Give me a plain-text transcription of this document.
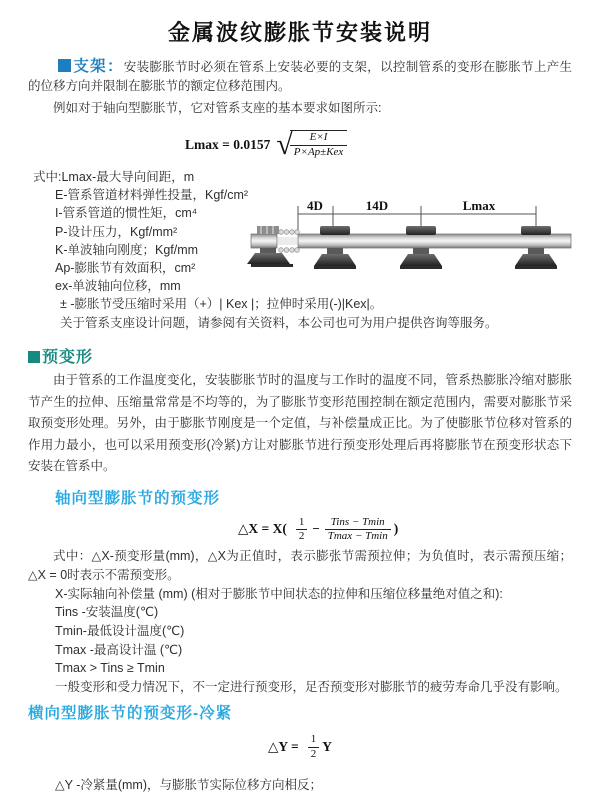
金属波纹膨胀节安装说明

支架：安装膨胀节时必须在管系上安装必要的支架，以控制管系的变形在膨胀节上产生的位移方向并限制在膨胀节的额定位移范围内。

例如对于轴向型膨胀节，它对管系支座的基本要求如图所示:

Lmax = 0.0157 √
$\frac{E\times I}{\text{P×Ap±Kex}}$
式中:Lmax-最大导向间距，m
E-管系管道材料弹性投量，Kgf/cm²
I-管系管道的惯性矩，cm⁴
P-设计压力，Kgf/mm²
K-单波轴向刚度；Kgf/mm
Ap-膨胀节有效面积，cm²
ex-单波轴向位移，mm
± -膨胀节受压缩时采用（+）| Kex |；拉伸时采用(-)|Kex|。
关于管系支座设计问题，请参阅有关资料，本公司也可为用户提供咨询等服务。
4D	14D	Lmax
预变形

由于管系的工作温度变化，安装膨胀节时的温度与工作时的温度不同，管系热膨胀冷缩对膨胀节产生的拉伸、压缩量常常是不均等的，为了膨胀节变形范围控制在额定范围内，需要对膨胀节采取预变形处理。另外，由于膨胀节刚度是一个定值，与补偿量成正比。为了使膨胀节位移对管系的作用力最小，也可以采用预变形(冷紧)方让对膨胀节进行预变形处理后再将膨胀节在预变形状态下安装在管系中。

轴向型膨胀节的预变形
△X = $X( \frac{1}{2} - \frac{\text{Tins − Tmin}}{Tmax - Tmin}$ )

式中：△X-预变形量(mm)，△X为正值时，表示膨张节需预拉伸；为负值时，表示需预压缩；△X = 0时表示不需预变形。

X-实际轴向补偿量 (mm) (相对于膨胀节中间状态的拉伸和压缩位移量绝对值之和):
Tins -安装温度(℃)
Tmin-最低设计温度(℃)
Tmax -最高设计温 (℃)
Tmax > Tins ≥ Tmin
一般变形和受力情况下，不一定进行预变形，足否预变形对膨胀节的疲劳寿命几乎没有影响。
横向型膨胀节的预变形-冷紧
△Y = $\frac{1}{2}$ Y
△Y -冷紧量(mm)，与膨胀节实际位移方向相反；
